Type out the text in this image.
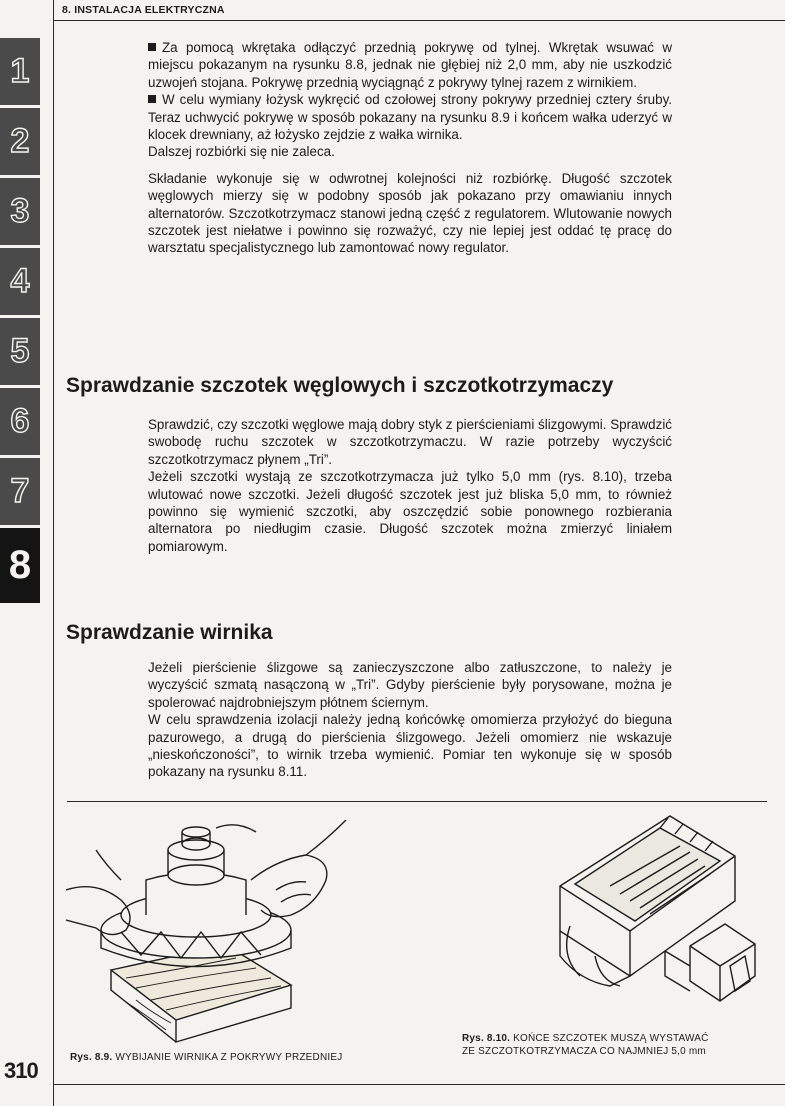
8. INSTALACJA ELEKTRYCZNA
1
2
3
4
5
6
7
8

Za pomocą wkrętaka odłączyć przednią pokrywę od tylnej. Wkrętak wsuwać w miejscu pokazanym na rysunku 8.8, jednak nie głębiej niż 2,0 mm, aby nie uszkodzić uzwojeń stojana. Pokrywę przednią wyciągnąć z pokrywy tylnej razem z wirnikiem.

W celu wymiany łożysk wykręcić od czołowej strony pokrywy przedniej cztery śruby. Teraz uchwycić pokrywę w sposób pokazany na rysunku 8.9 i końcem wałka uderzyć w klocek drewniany, aż łożysko zejdzie z wałka wirnika.

Dalszej rozbiórki się nie zaleca.

Składanie wykonuje się w odwrotnej kolejności niż rozbiórkę. Długość szczotek węglowych mierzy się w podobny sposób jak pokazano przy omawianiu innych alternatorów. Szczotkotrzymacz stanowi jedną część z regulatorem. Wlutowanie nowych szczotek jest niełatwe i powinno się rozważyć, czy nie lepiej jest oddać tę pracę do warsztatu specjalistycznego lub zamontować nowy regulator.

Sprawdzanie szczotek węglowych i szczotkotrzymaczy

Sprawdzić, czy szczotki węglowe mają dobry styk z pierścieniami ślizgowymi. Sprawdzić swobodę ruchu szczotek w szczotkotrzymaczu. W razie potrzeby wyczyścić szczotkotrzymacz płynem „Tri”.

Jeżeli szczotki wystają ze szczotkotrzymacza już tylko 5,0 mm (rys. 8.10), trzeba wlutować nowe szczotki. Jeżeli długość szczotek jest już bliska 5,0 mm, to również powinno się wymienić szczotki, aby oszczędzić sobie ponownego rozbierania alternatora po niedługim czasie. Długość szczotek można zmierzyć liniałem pomiarowym.

Sprawdzanie wirnika

Jeżeli pierścienie ślizgowe są zanieczyszczone albo zatłuszczone, to należy je wyczyścić szmatą nasączoną w „Tri”. Gdyby pierścienie były porysowane, można je spolerować najdrobniejszym płótnem ściernym.

W celu sprawdzenia izolacji należy jedną końcówkę omomierza przyłożyć do bieguna pazurowego, a drugą do pierścienia ślizgowego. Jeżeli omomierz nie wskazuje „nieskończoności”, to wirnik trzeba wymienić. Pomiar ten wykonuje się w sposób pokazany na rysunku 8.11.

Rys. 8.9. WYBIJANIE WIRNIKA Z POKRYWY PRZEDNIEJ
Rys. 8.10. KOŃCE SZCZOTEK MUSZĄ WYSTAWAĆ
ZE SZCZOTKOTRZYMACZA CO NAJMNIEJ 5,0 mm
310
